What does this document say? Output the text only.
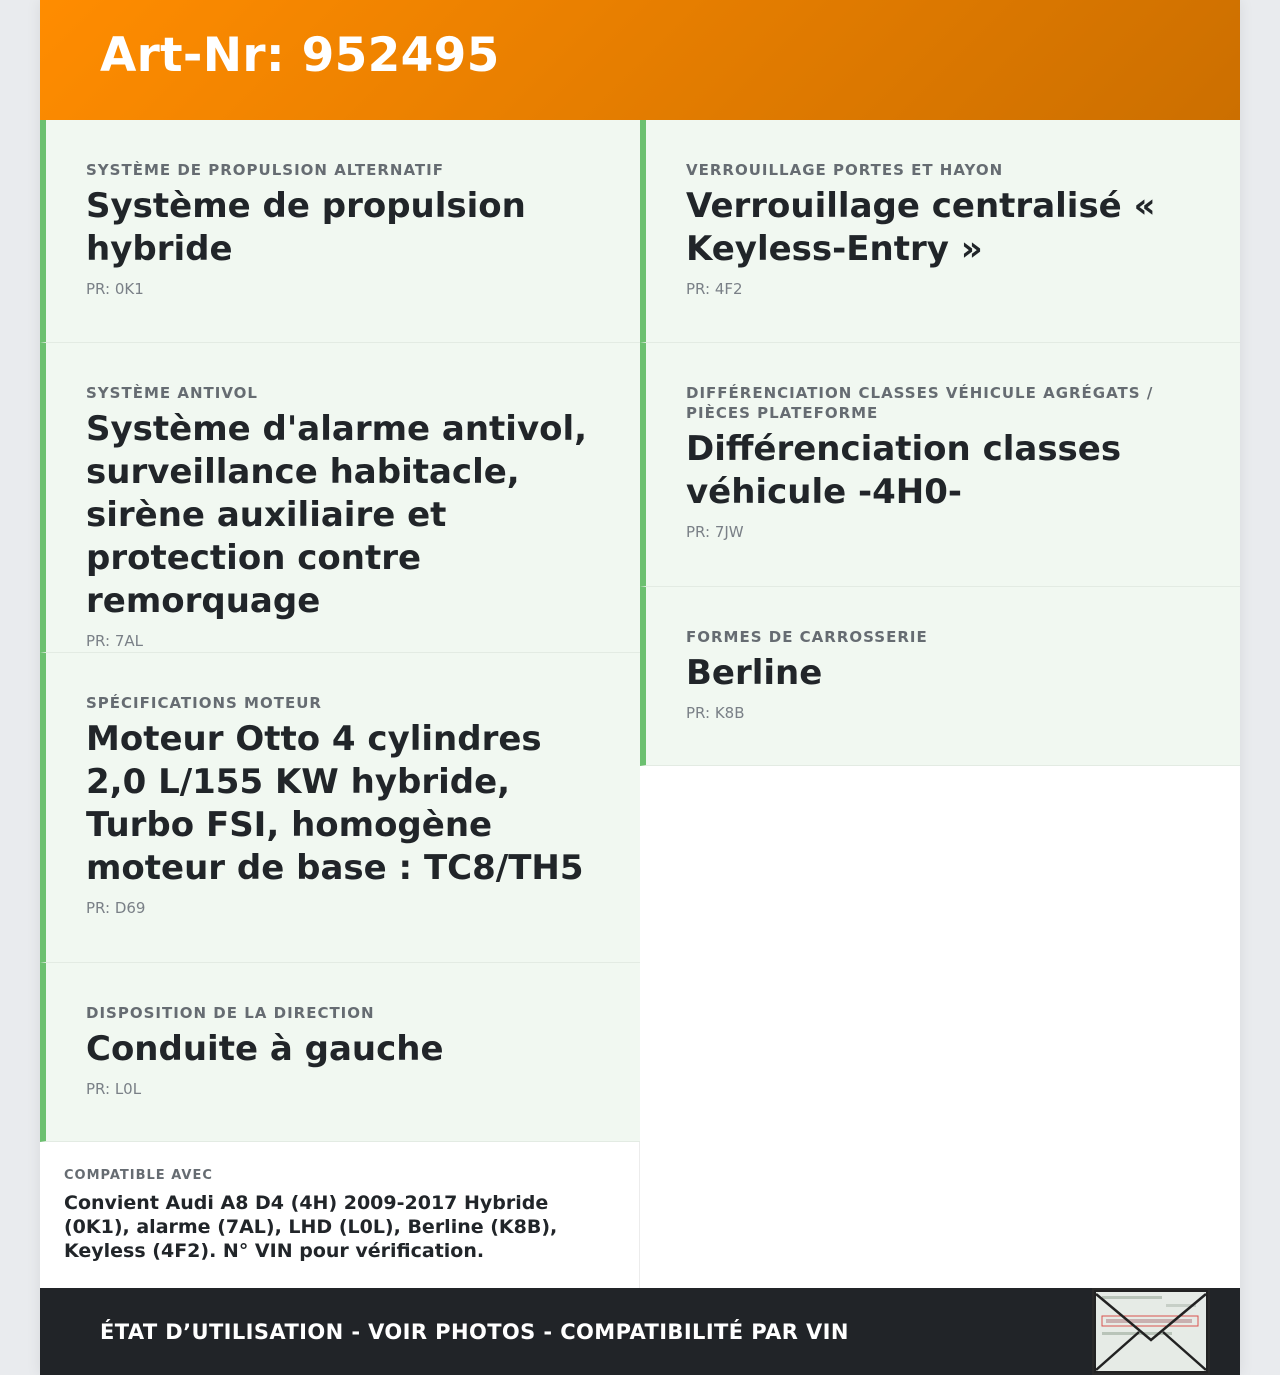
Art-Nr: 952495
SYSTÈME DE PROPULSION ALTERNATIF
Système de propulsion hybride
PR: 0K1
SYSTÈME ANTIVOL
Système d'alarme antivol, surveillance habitacle, sirène auxiliaire et protection contre remorquage
PR: 7AL
SPÉCIFICATIONS MOTEUR
Moteur Otto 4 cylindres 2,0 L/155 KW hybride, Turbo FSI, homogène moteur de base : TC8/TH5
PR: D69
DISPOSITION DE LA DIRECTION
Conduite à gauche
PR: L0L
VERROUILLAGE PORTES ET HAYON
Verrouillage centralisé « Keyless-Entry »
PR: 4F2
DIFFÉRENCIATION CLASSES VÉHICULE AGRÉGATS / PIÈCES PLATEFORME
Différenciation classes véhicule -4H0-
PR: 7JW
FORMES DE CARROSSERIE
Berline
PR: K8B
COMPATIBLE AVEC
Convient Audi A8 D4 (4H) 2009-2017 Hybride (0K1), alarme (7AL), LHD (L0L), Berline (K8B), Keyless (4F2). N° VIN pour vérification.
ÉTAT D’UTILISATION - VOIR PHOTOS - COMPATIBILITÉ PAR VIN
